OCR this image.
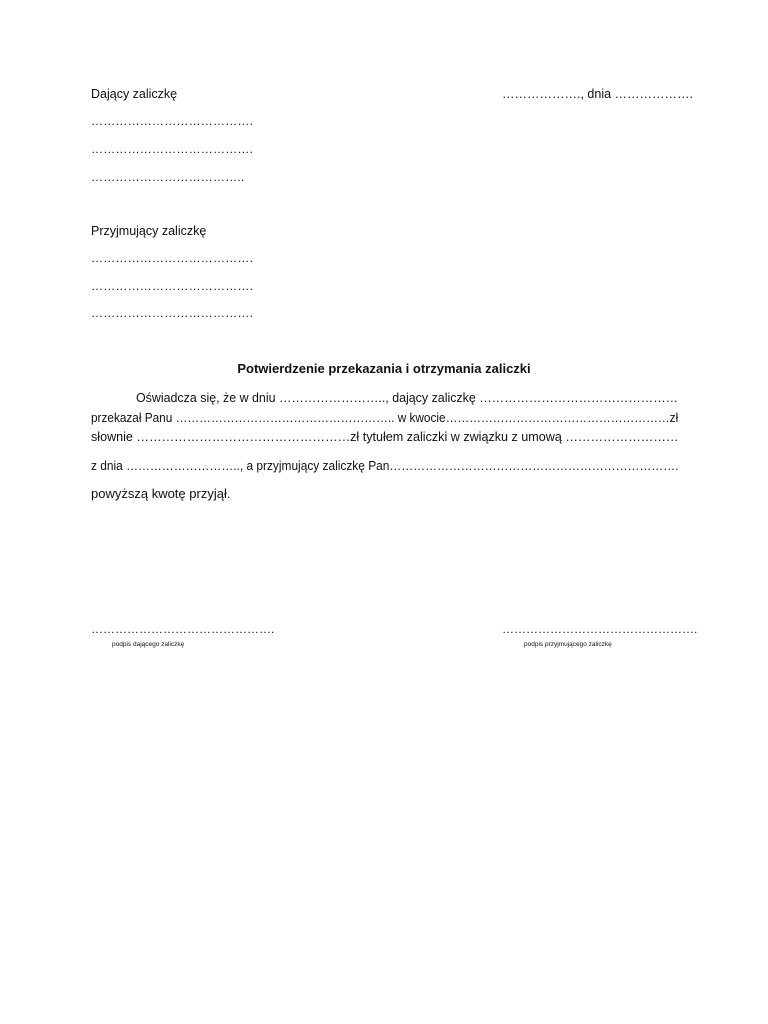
Dający zaliczkę	………………., dnia ……………….
………………………………….
………………………………….
………………………………..
Przyjmujący zaliczkę
………………………………….
………………………………….
………………………………….
Potwierdzenie przekazania i otrzymania zaliczki
Oświadcza się, że w dniu …………………….., dający zaliczkę …………………………………………
przekazał Panu ……………………………………………….. w kwocie…………………………………………………zł
słownie ……………………………………………zł tytułem zaliczki w związku z umową ………………………
z dnia ……………………….., a przyjmujący zaliczkę Pan……………………………………………………………….
powyższą kwotę przyjął.
……………………………………….
podpis dającego zaliczkę
………………………………………….
podpis przyjmującego zaliczkę
